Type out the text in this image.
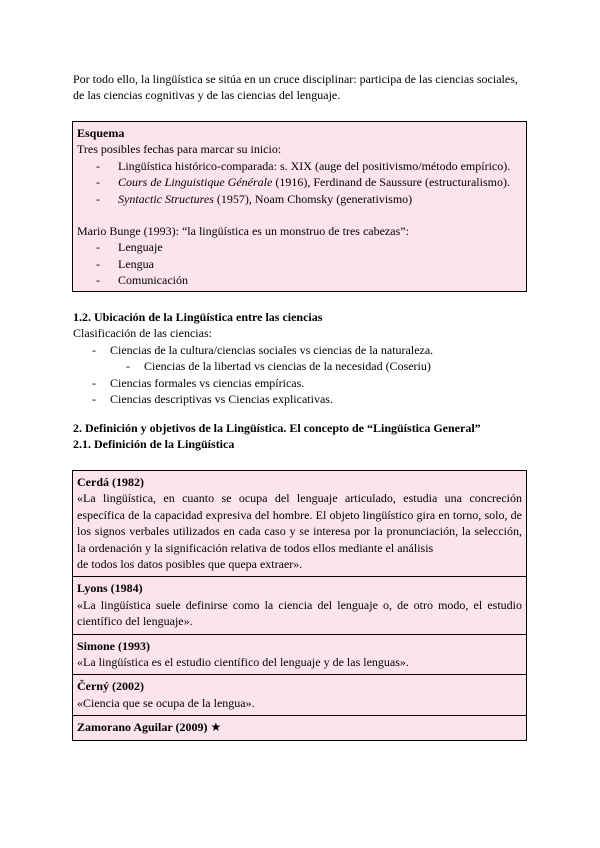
Por todo ello, la lingüística se sitúa en un cruce disciplinar: participa de las ciencias sociales,
de las ciencias cognitivas y de las ciencias del lenguaje.
Esquema
Tres posibles fechas para marcar su inicio:
-	Lingüística histórico-comparada: s. XIX (auge del positivismo/método empírico).
-	Cours de Linguistique Générale (1916), Ferdinand de Saussure (estructuralismo).
-	Syntactic Structures (1957), Noam Chomsky (generativismo)
Mario Bunge (1993): “la lingüística es un monstruo de tres cabezas”:
-	Lenguaje
-	Lengua
-	Comunicación
1.2. Ubicación de la Lingüística entre las ciencias
Clasificación de las ciencias:
-	Ciencias de la cultura/ciencias sociales vs ciencias de la naturaleza.
-	Ciencias de la libertad vs ciencias de la necesidad (Coseriu)
-	Ciencias formales vs ciencias empíricas.
-	Ciencias descriptivas vs Ciencias explicativas.
2. Definición y objetivos de la Lingüística. El concepto de “Lingüística General”
2.1. Definición de la Lingüística
Cerdá (1982)
«La lingüística, en cuanto se ocupa del lenguaje articulado, estudia una concreción específica de la capacidad expresiva del hombre. El objeto lingüístico gira en torno, solo, de los signos verbales utilizados en cada caso y se interesa por la pronunciación, la selección, la ordenación y la significación relativa de todos ellos mediante el análisis
de todos los datos posibles que quepa extraer».
Lyons (1984)
«La lingüística suele definirse como la ciencia del lenguaje o, de otro modo, el estudio científico del lenguaje».
Simone (1993)
«La lingüística es el estudio científico del lenguaje y de las lenguas».
Černý (2002)
«Ciencia que se ocupa de la lengua».
Zamorano Aguilar (2009) ★
